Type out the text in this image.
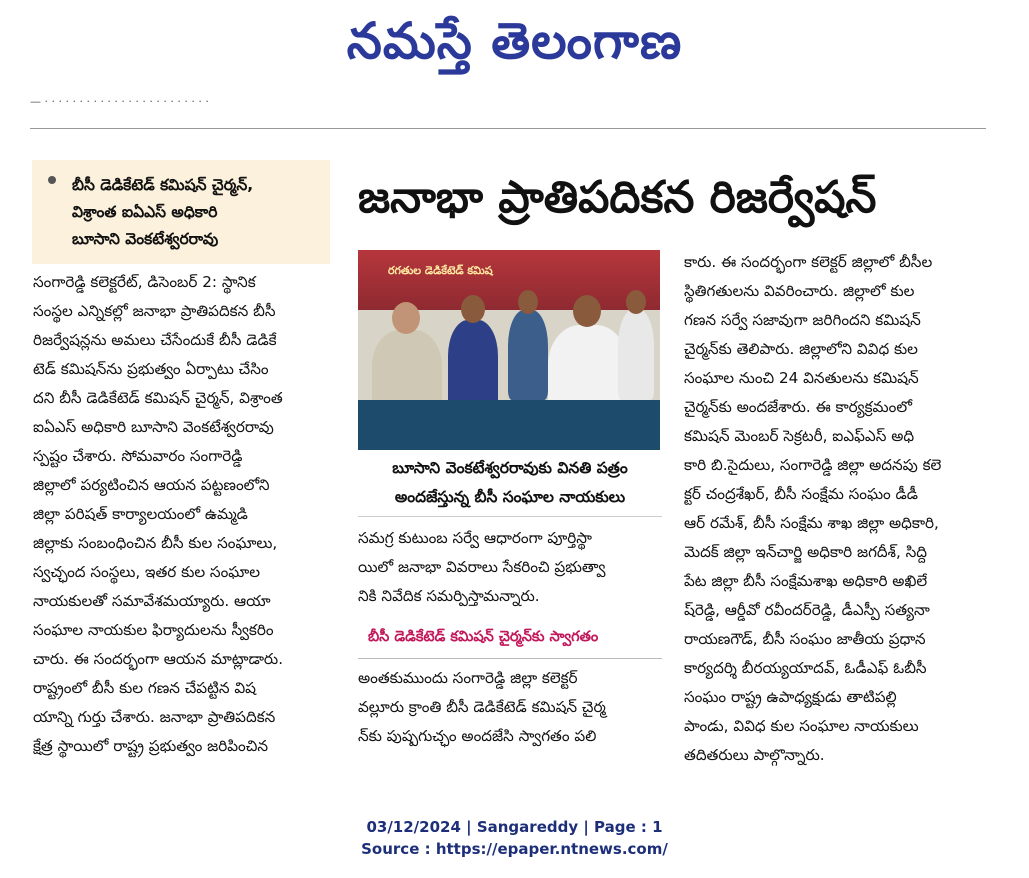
నమస్తే తెలంగాణ
— · · · · · · · · · · · · · · · · · · · · · · · ·
బీసీ డెడికేటెడ్ కమిషన్ చైర్మన్,
విశ్రాంత ఐఏఎస్ అధికారి
బూసాని వెంకటేశ్వరరావు
జనాభా ప్రాతిపదికన రిజర్వేషన్
సంగారెడ్డి కలెక్టరేట్, డిసెంబర్ 2: స్థానిక
సంస్థల ఎన్నికల్లో జనాభా ప్రాతిపదికన బీసీ
రిజర్వేషన్లను అమలు చేసేందుకే బీసీ డెడికే
టెడ్ కమిషన్‌ను ప్రభుత్వం ఏర్పాటు చేసిం
దని బీసీ డెడికేటెడ్ కమిషన్ చైర్మన్, విశ్రాంత
ఐఏఎస్ అధికారి బూసాని వెంకటేశ్వరరావు
స్పష్టం చేశారు. సోమవారం సంగారెడ్డి
జిల్లాలో పర్యటించిన ఆయన పట్టణంలోని
జిల్లా పరిషత్ కార్యాలయంలో ఉమ్మడి
జిల్లాకు సంబంధించిన బీసీ కుల సంఘాలు,
స్వచ్ఛంద సంస్థలు, ఇతర కుల సంఘాల
నాయకులతో సమావేశమయ్యారు. ఆయా
సంఘాల నాయకుల ఫిర్యాదులను స్వీకరిం
చారు. ఈ సందర్భంగా ఆయన మాట్లాడారు.
రాష్ట్రంలో బీసీ కుల గణన చేపట్టిన విష
యాన్ని గుర్తు చేశారు. జనాభా ప్రాతిపదికన
క్షేత్ర స్థాయిలో రాష్ట్ర ప్రభుత్వం జరిపించిన
రగతుల డెడికేటెడ్ కమిష
బూసాని వెంకటేశ్వరరావుకు వినతి పత్రం
అందజేస్తున్న బీసీ సంఘాల నాయకులు
సమగ్ర కుటుంబ సర్వే ఆధారంగా పూర్తిస్థా
యిలో జనాభా వివరాలు సేకరించి ప్రభుత్వా
నికి నివేదిక సమర్పిస్తామన్నారు.
బీసీ డెడికేటెడ్ కమిషన్ చైర్మన్‌కు స్వాగతం
అంతకుముందు సంగారెడ్డి జిల్లా కలెక్టర్
వల్లూరు క్రాంతి బీసీ డెడికేటెడ్ కమిషన్ చైర్మ
న్‌కు పుష్పగుచ్ఛం అందజేసి స్వాగతం పలి
కారు. ఈ సందర్భంగా కలెక్టర్ జిల్లాలో బీసీల
స్థితిగతులను వివరించారు. జిల్లాలో కుల
గణన సర్వే సజావుగా జరిగిందని కమిషన్
చైర్మన్‌కు తెలిపారు. జిల్లాలోని వివిధ కుల
సంఘాల నుంచి 24 వినతులను కమిషన్
చైర్మన్‌కు అందజేశారు. ఈ కార్యక్రమంలో
కమిషన్ మెంబర్ సెక్రటరీ, ఐఎఫ్ఎస్ అధి
కారి బి.సైదులు, సంగారెడ్డి జిల్లా అదనపు కలె
క్టర్ చంద్రశేఖర్, బీసీ సంక్షేమ సంఘం డీడీ
ఆర్ రమేశ్, బీసీ సంక్షేమ శాఖ జిల్లా అధికారి,
మెదక్ జిల్లా ఇన్‌చార్జి అధికారి జగదీశ్, సిద్ది
పేట జిల్లా బీసీ సంక్షేమశాఖ అధికారి అఖిలే
ష్‌రెడ్డి, ఆర్డీవో రవీందర్‌రెడ్డి, డీఎస్పీ సత్యనా
రాయణగౌడ్, బీసీ సంఘం జాతీయ ప్రధాన
కార్యదర్శి బీరయ్యయాదవ్, ఓడీఎఫ్ ఓబీసీ
సంఘం రాష్ట్ర ఉపాధ్యక్షుడు తాటిపల్లి
పాండు, వివిధ కుల సంఘాల నాయకులు
తదితరులు పాల్గొన్నారు.
03/12/2024 | Sangareddy | Page : 1
Source : https://epaper.ntnews.com/
